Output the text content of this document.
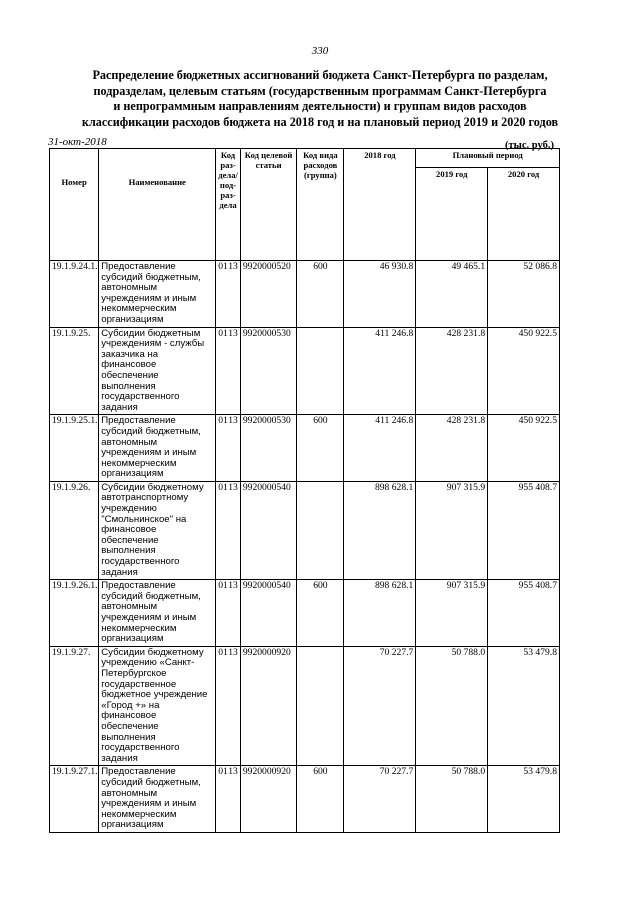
330
Распределение бюджетных ассигнований бюджета Санкт-Петербурга по разделам,
подразделам, целевым статьям (государственным программам Санкт-Петербурга
и непрограммным направлениям деятельности) и группам видов расходов
классификации расходов бюджета на 2018 год и на плановый период 2019 и 2020 годов
31-окт-2018	(тыс. руб.)
Номер	Наименование	Код раз-дела/ под-раз-дела	Код целевой статьи	Код вида расходов (группа)	2018 год	Плановый период	
						2019 год	2020 год
19.1.9.24.1.	Предоставление субсидий бюджетным, автономным учреждениям и иным некоммерческим организациям	01 13	9920000520	600	46 930.8	49 465.1	52 086.8
19.1.9.25.	Субсидии бюджетным учреждениям - службы заказчика на финансовое обеспечение выполнения государственного задания	01 13	9920000530		411 246.8	428 231.8	450 922.5
19.1.9.25.1.	Предоставление субсидий бюджетным, автономным учреждениям и иным некоммерческим организациям	01 13	9920000530	600	411 246.8	428 231.8	450 922.5
19.1.9.26.	Субсидии бюджетному автотранспортному учреждению "Смольнинское" на финансовое обеспечение выполнения государственного задания	01 13	9920000540		898 628.1	907 315.9	955 408.7
19.1.9.26.1.	Предоставление субсидий бюджетным, автономным учреждениям и иным некоммерческим организациям	01 13	9920000540	600	898 628.1	907 315.9	955 408.7
19.1.9.27.	Субсидии бюджетному учреждению «Санкт-Петербургское государственное бюджетное учреждение «Город +» на финансовое обеспечение выполнения государственного задания	01 13	9920000920		70 227.7	50 788.0	53 479.8
19.1.9.27.1.	Предоставление субсидий бюджетным, автономным учреждениям и иным некоммерческим организациям	01 13	9920000920	600	70 227.7	50 788.0	53 479.8
